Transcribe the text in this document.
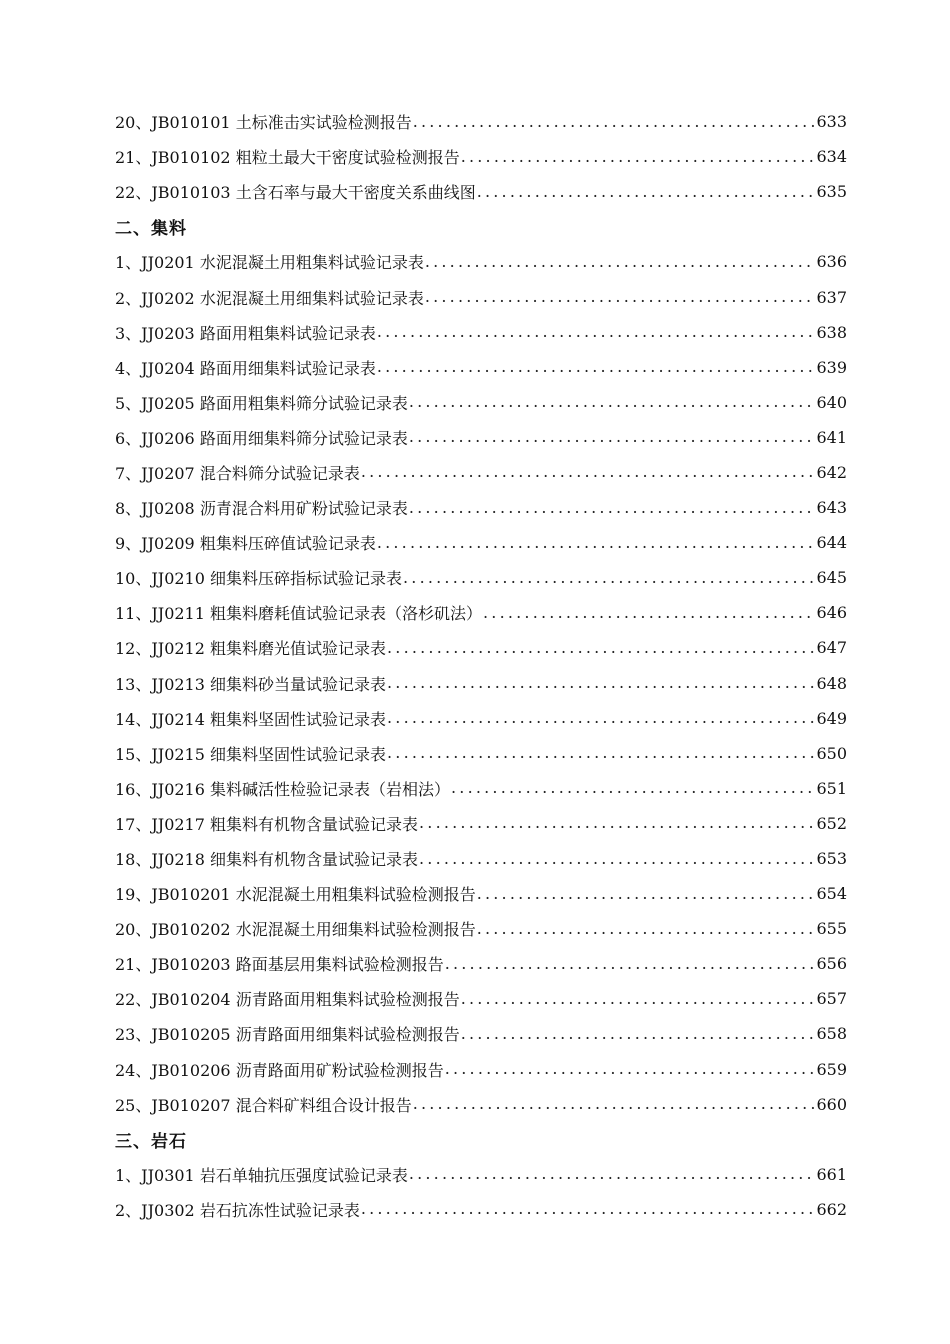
20、JB010101 土标准击实试验检测报告 .....	633
21、JB010102 粗粒土最大干密度试验检测报告 .....	634
22、JB010103 土含石率与最大干密度关系曲线图 .....	635
二、集料
1、JJ0201 水泥混凝土用粗集料试验记录表 .....	636
2、JJ0202 水泥混凝土用细集料试验记录表 .....	637
3、JJ0203 路面用粗集料试验记录表 .....	638
4、JJ0204 路面用细集料试验记录表 .....	639
5、JJ0205 路面用粗集料筛分试验记录表 .....	640
6、JJ0206 路面用细集料筛分试验记录表 .....	641
7、JJ0207 混合料筛分试验记录表 .....	642
8、JJ0208 沥青混合料用矿粉试验记录表 .....	643
9、JJ0209 粗集料压碎值试验记录表 .....	644
10、JJ0210 细集料压碎指标试验记录表 .....	645
11、JJ0211 粗集料磨耗值试验记录表（洛杉矶法） .....	646
12、JJ0212 粗集料磨光值试验记录表 .....	647
13、JJ0213 细集料砂当量试验记录表 .....	648
14、JJ0214 粗集料坚固性试验记录表 .....	649
15、JJ0215 细集料坚固性试验记录表 .....	650
16、JJ0216 集料碱活性检验记录表（岩相法） .....	651
17、JJ0217 粗集料有机物含量试验记录表 .....	652
18、JJ0218 细集料有机物含量试验记录表 .....	653
19、JB010201 水泥混凝土用粗集料试验检测报告 .....	654
20、JB010202 水泥混凝土用细集料试验检测报告 .....	655
21、JB010203 路面基层用集料试验检测报告 .....	656
22、JB010204 沥青路面用粗集料试验检测报告 .....	657
23、JB010205 沥青路面用细集料试验检测报告 .....	658
24、JB010206 沥青路面用矿粉试验检测报告 .....	659
25、JB010207 混合料矿料组合设计报告 .....	660
三、岩石
1、JJ0301 岩石单轴抗压强度试验记录表 .....	661
2、JJ0302 岩石抗冻性试验记录表 .....	662
